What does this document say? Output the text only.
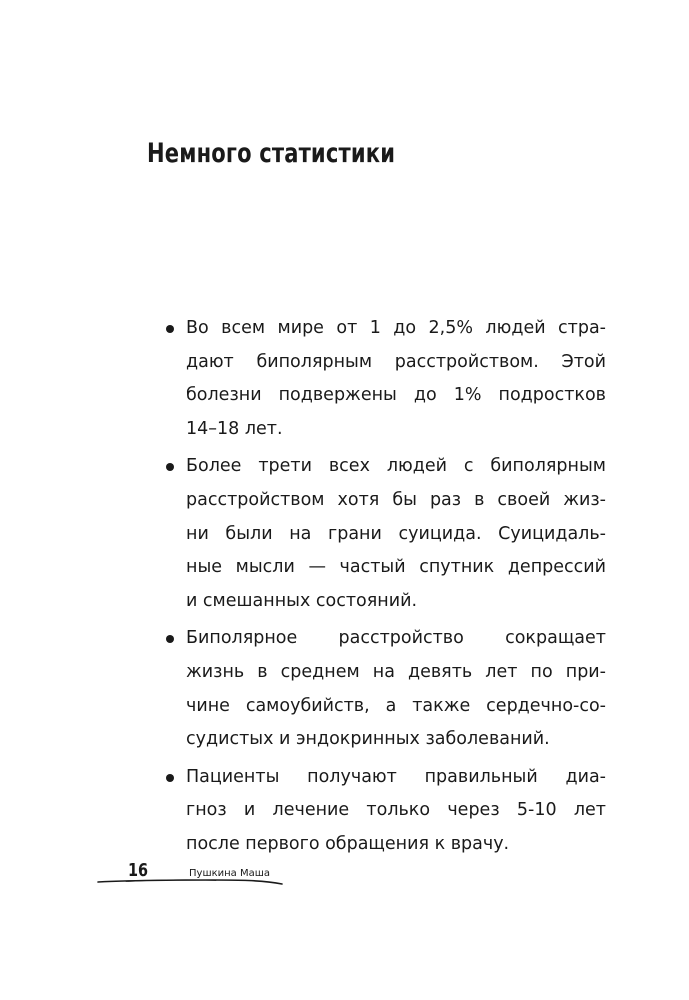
Немного статистики
Во всем мире от 1 до 2,5% людей стра-
дают биполярным расстройством. Этой
болезни подвержены до 1% подростков
14–18 лет.
Более трети всех людей с биполярным
расстройством хотя бы раз в своей жиз-
ни были на грани суицида. Суицидаль-
ные мысли — частый спутник депрессий
и смешанных состояний.
Биполярное расстройство сокращает
жизнь в среднем на девять лет по при-
чине самоубийств, а также сердечно-со-
судистых и эндокринных заболеваний.
Пациенты получают правильный диа-
гноз и лечение только через 5-10 лет
после первого обращения к врачу.
16	Пушкина Маша
